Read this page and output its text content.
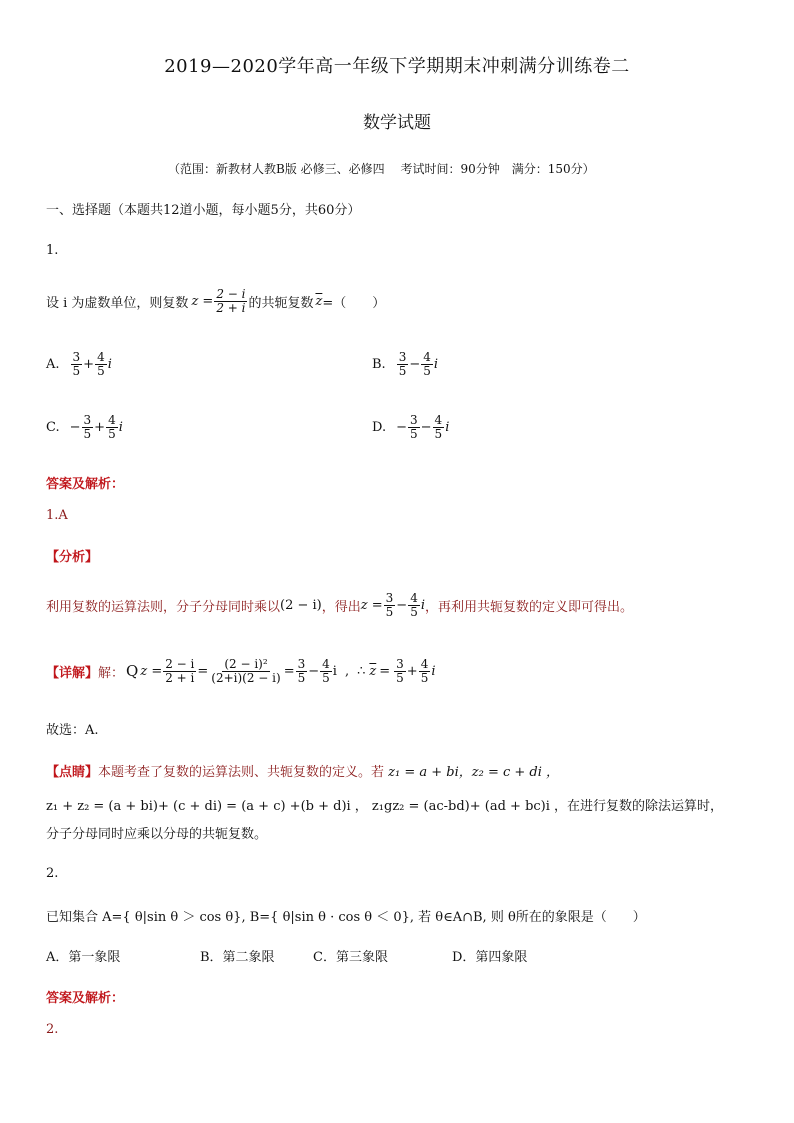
2019—2020学年高一年级下学期期末冲刺满分训练卷二
数学试题
（范围：新教材人教B版 必修三、必修四　 考试时间：90分钟　满分：150分）
一、选择题（本题共12道小题，每小题5分，共60分）
1.
设 i 为虚数单位，则复数 $z = \frac{2 - i}{2 + i}$ 的共轭复数 $\overline{z}$ =（　　）
A. $\frac{3}{5} + \frac{4}{5}$ i	B. $\frac{3}{5} - \frac{4}{5}$ i
C. − $\frac{3}{5} + \frac{4}{5}$ i	D. − $\frac{3}{5} - \frac{4}{5}$ i
答案及解析：
1.A
【分析】
利用复数的运算法则，分子分母同时乘以 (2 − i) ，得出 $z = \frac{3}{5} - \frac{4}{5}$ i ，再利用共轭复数的定义即可得出。
【详解】 解： Q $z = \frac{2 - i}{2 + i} = \frac{\text{(2 − i)²}}{(2+i)(2 - i)} = \frac{3}{5} - \frac{4}{5}$ i , ∴ $\overline{z} = \frac{3}{5} + \frac{4}{5}$ i
故选：A.
【点睛】本题考查了复数的运算法则、共轭复数的定义。若 z₁ = a + bi，z₂ = c + di ，
z₁ + z₂ = (a + bi)+ (c + di) = (a + c) +(b + d)i ， z₁gz₂ = (ac-bd)+ (ad + bc)i ，在进行复数的除法运算时，
分子分母同时应乘以分母的共轭复数。
2.
已知集合 A={ θ|sin θ ＞ cos θ}, B={ θ|sin θ · cos θ ＜ 0}, 若 θ∈A∩B, 则 θ所在的象限是（　　）
A．第一象限	B．第二象限	C．第三象限	D．第四象限
答案及解析：
2.
